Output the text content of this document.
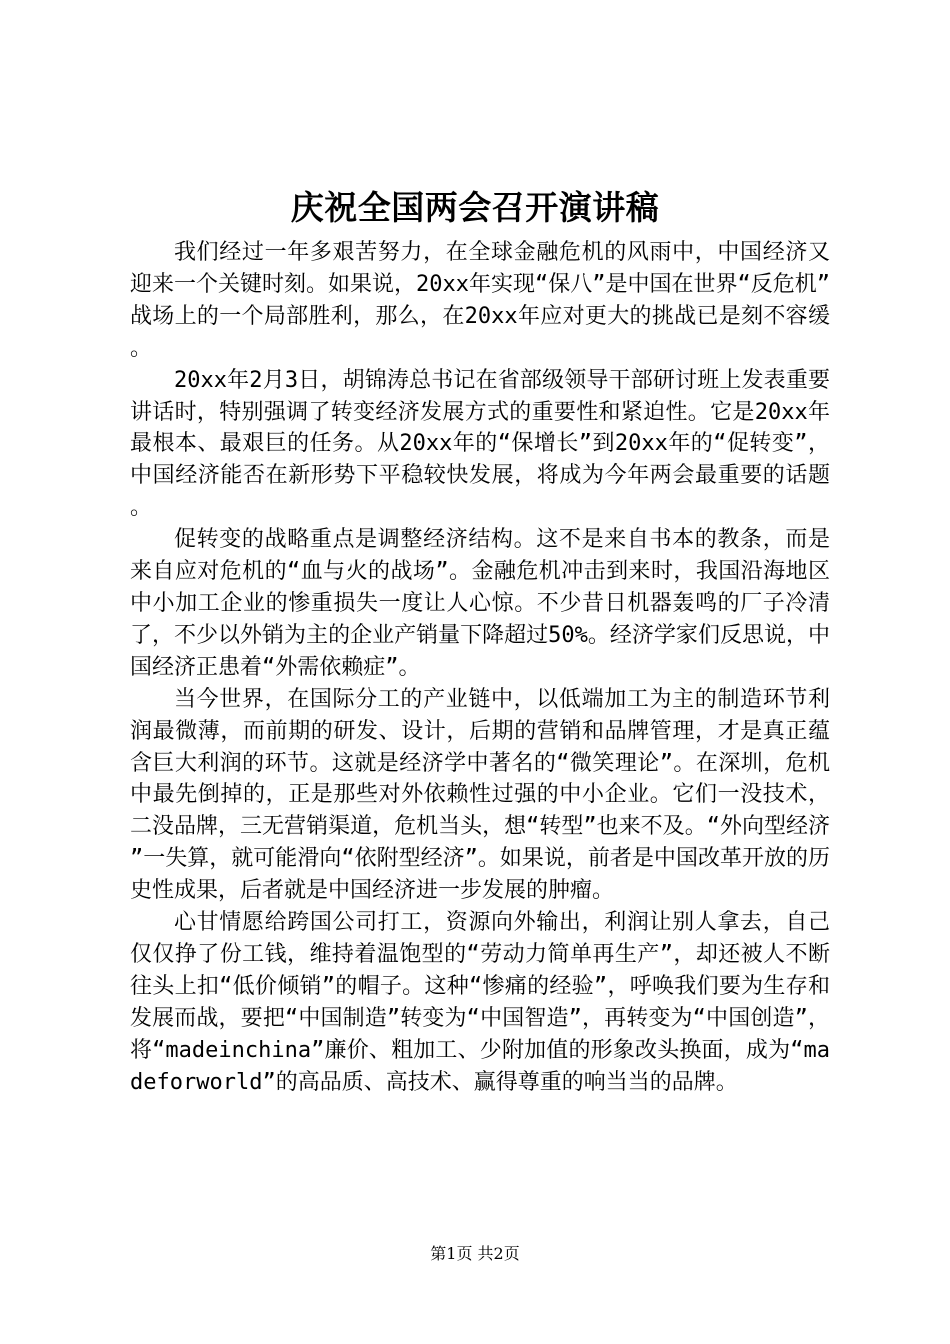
庆祝全国两会召开演讲稿

我们经过一年多艰苦努力，在全球金融危机的风雨中，中国经济又迎来一个关键时刻。如果说，20xx年实现“保八”是中国在世界“反危机”战场上的一个局部胜利，那么，在20xx年应对更大的挑战已是刻不容缓。

20xx年2月3日，胡锦涛总书记在省部级领导干部研讨班上发表重要讲话时，特别强调了转变经济发展方式的重要性和紧迫性。它是20xx年最根本、最艰巨的任务。从20xx年的“保增长”到20xx年的“促转变”，中国经济能否在新形势下平稳较快发展，将成为今年两会最重要的话题。

促转变的战略重点是调整经济结构。这不是来自书本的教条，而是来自应对危机的“血与火的战场”。金融危机冲击到来时，我国沿海地区中小加工企业的惨重损失一度让人心惊。不少昔日机器轰鸣的厂子冷清了，不少以外销为主的企业产销量下降超过50%。经济学家们反思说，中国经济正患着“外需依赖症”。

当今世界，在国际分工的产业链中，以低端加工为主的制造环节利润最微薄，而前期的研发、设计，后期的营销和品牌管理，才是真正蕴含巨大利润的环节。这就是经济学中著名的“微笑理论”。在深圳，危机中最先倒掉的，正是那些对外依赖性过强的中小企业。它们一没技术，二没品牌，三无营销渠道，危机当头，想“转型”也来不及。“外向型经济”一失算，就可能滑向“依附型经济”。如果说，前者是中国改革开放的历史性成果，后者就是中国经济进一步发展的肿瘤。

心甘情愿给跨国公司打工，资源向外输出，利润让别人拿去，自己仅仅挣了份工钱，维持着温饱型的“劳动力简单再生产”，却还被人不断往头上扣“低价倾销”的帽子。这种“惨痛的经验”，呼唤我们要为生存和发展而战，要把“中国制造”转变为“中国智造”，再转变为“中国创造”，将“madeinchina”廉价、粗加工、少附加值的形象改头换面，成为“madeforworld”的高品质、高技术、赢得尊重的响当当的品牌。

第1页 共2页
